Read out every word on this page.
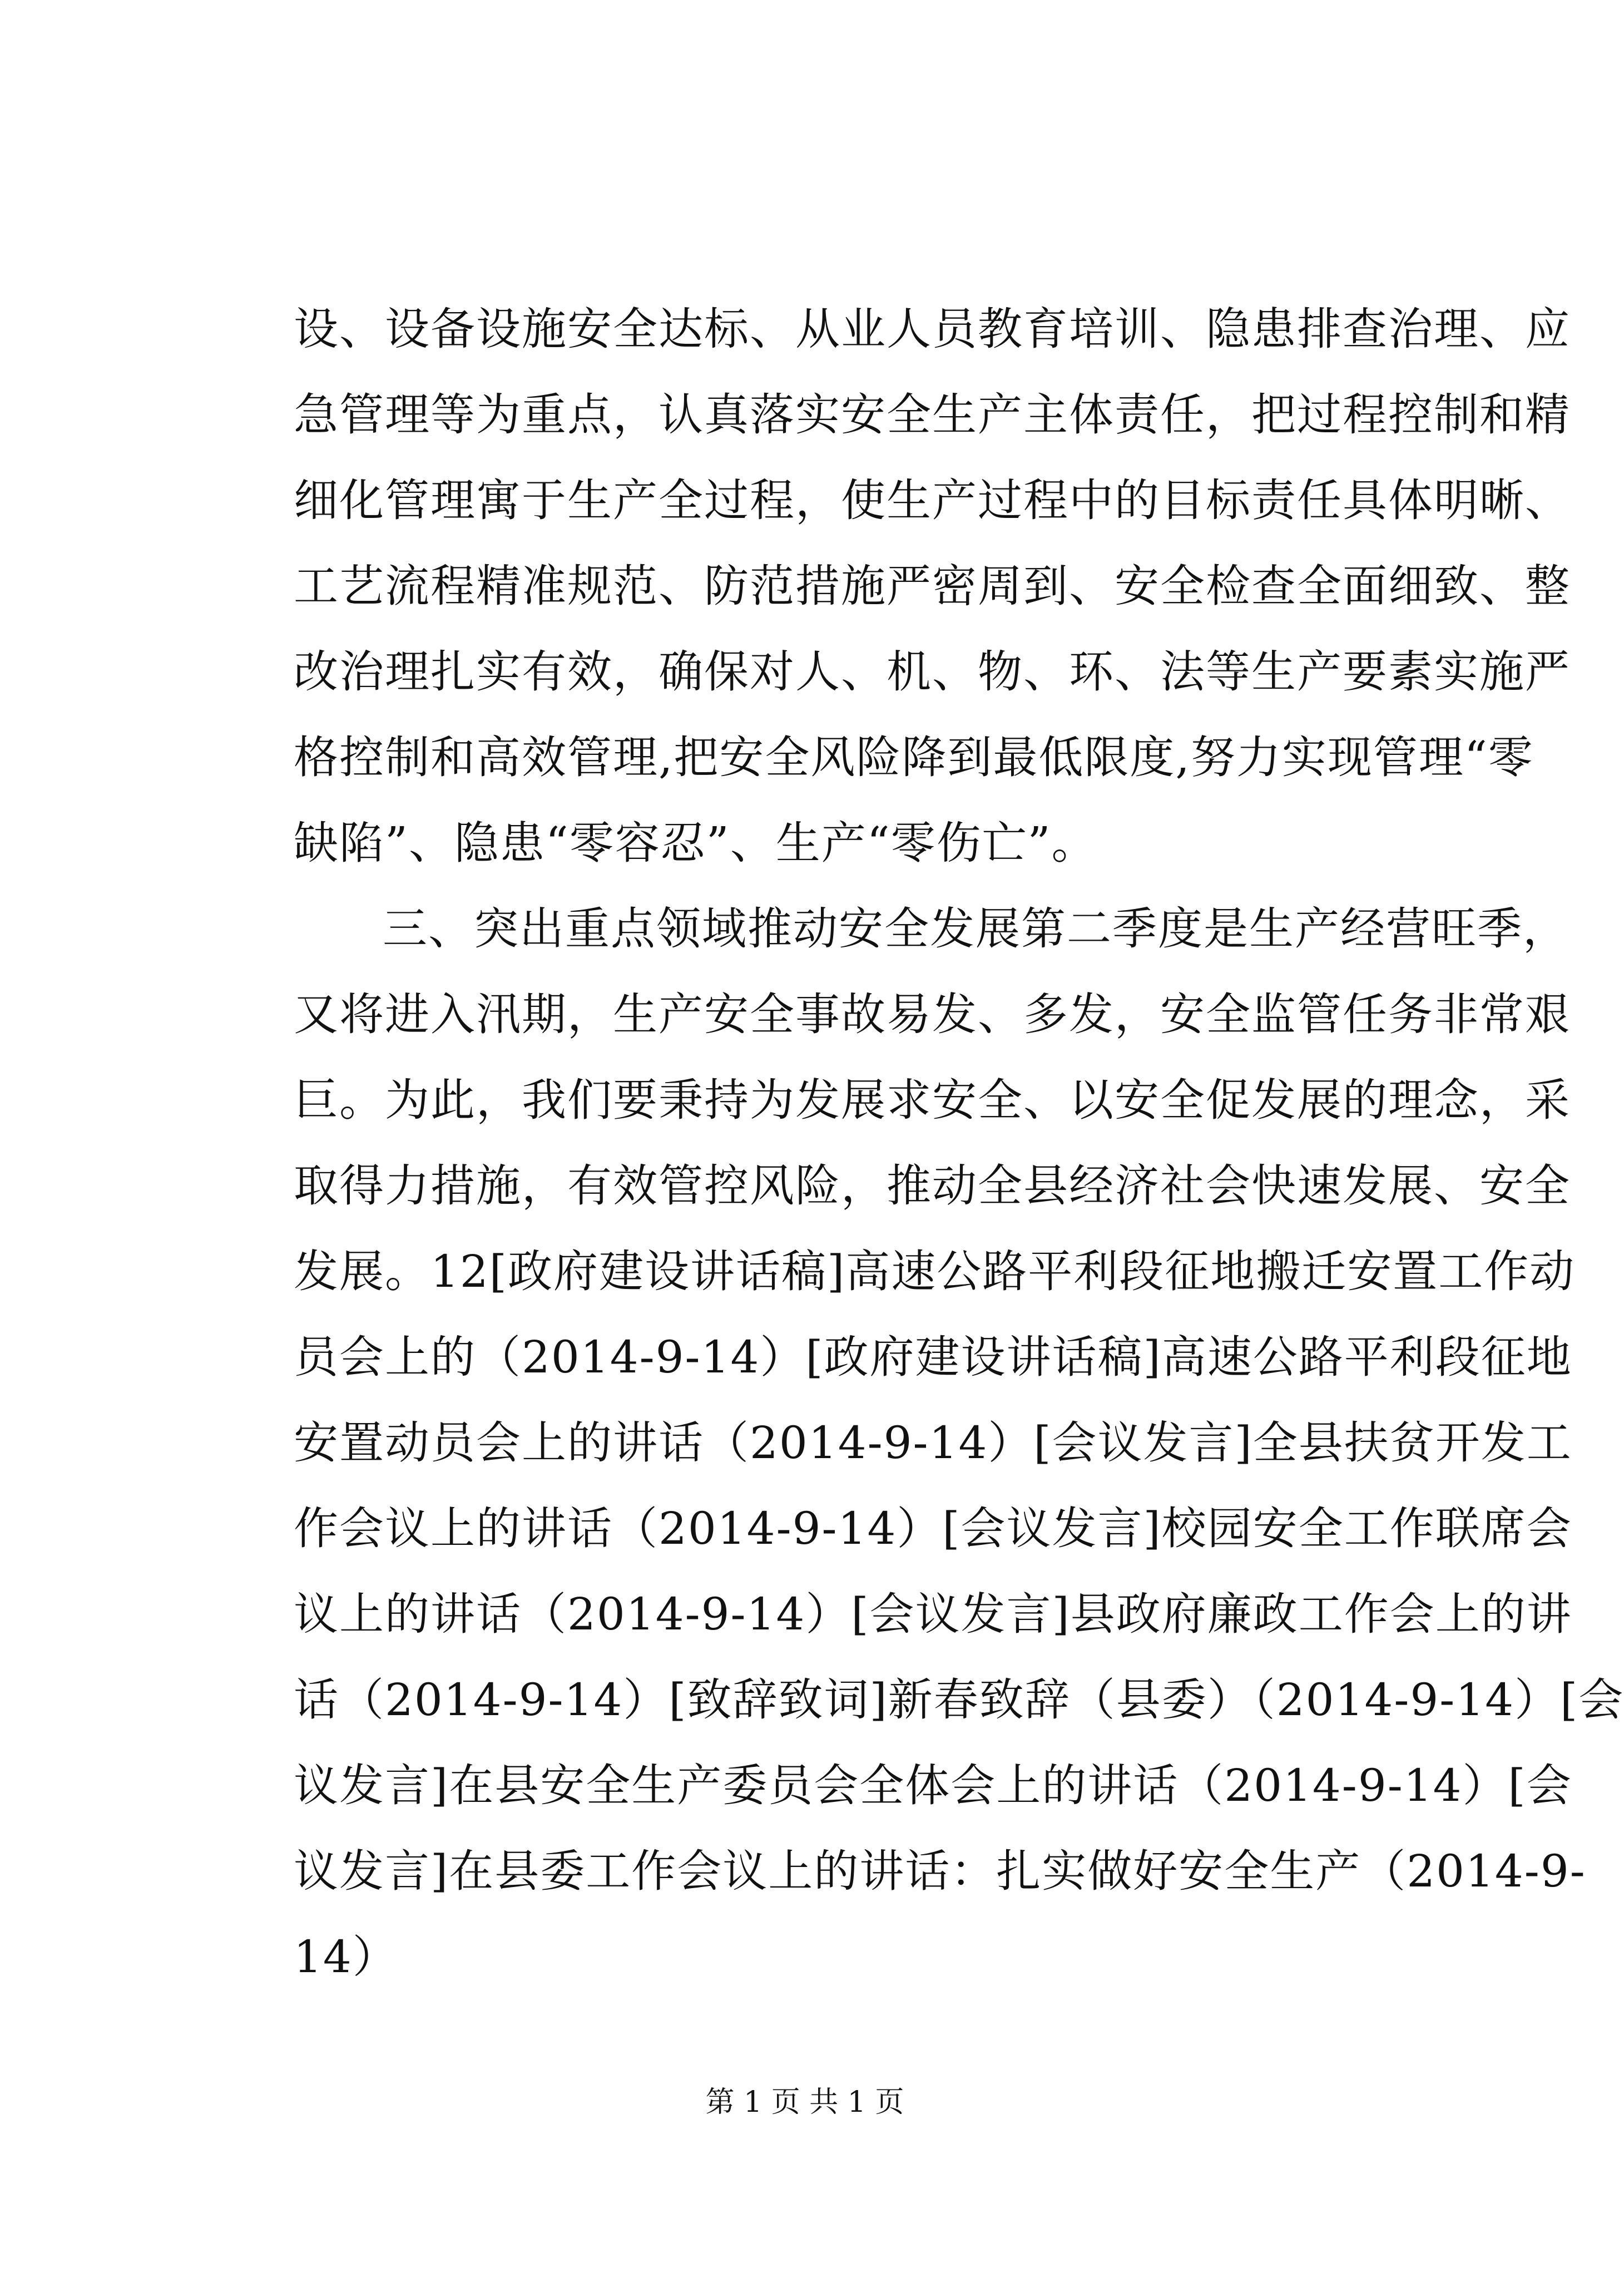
设、设备设施安全达标、从业人员教育培训、隐患排查治理、应
急管理等为重点，认真落实安全生产主体责任，把过程控制和精
细化管理寓于生产全过程，使生产过程中的目标责任具体明晰、
工艺流程精准规范、防范措施严密周到、安全检查全面细致、整
改治理扎实有效，确保对人、机、物、环、法等生产要素实施严
格控制和高效管理,把安全风险降到最低限度,努力实现管理“零
缺陷”、隐患“零容忍”、生产“零伤亡”。
三、突出重点领域推动安全发展第二季度是生产经营旺季，
又将进入汛期，生产安全事故易发、多发，安全监管任务非常艰
巨。为此，我们要秉持为发展求安全、以安全促发展的理念，采
取得力措施，有效管控风险，推动全县经济社会快速发展、安全
发展。12[政府建设讲话稿]高速公路平利段征地搬迁安置工作动
员会上的（2014-9-14）[政府建设讲话稿]高速公路平利段征地
安置动员会上的讲话（2014-9-14）[会议发言]全县扶贫开发工
作会议上的讲话（2014-9-14）[会议发言]校园安全工作联席会
议上的讲话（2014-9-14）[会议发言]县政府廉政工作会上的讲
话（2014-9-14）[致辞致词]新春致辞（县委）（2014-9-14）[会
议发言]在县安全生产委员会全体会上的讲话（2014-9-14）[会
议发言]在县委工作会议上的讲话：扎实做好安全生产（2014-9-
14）
第 1 页 共 1 页
